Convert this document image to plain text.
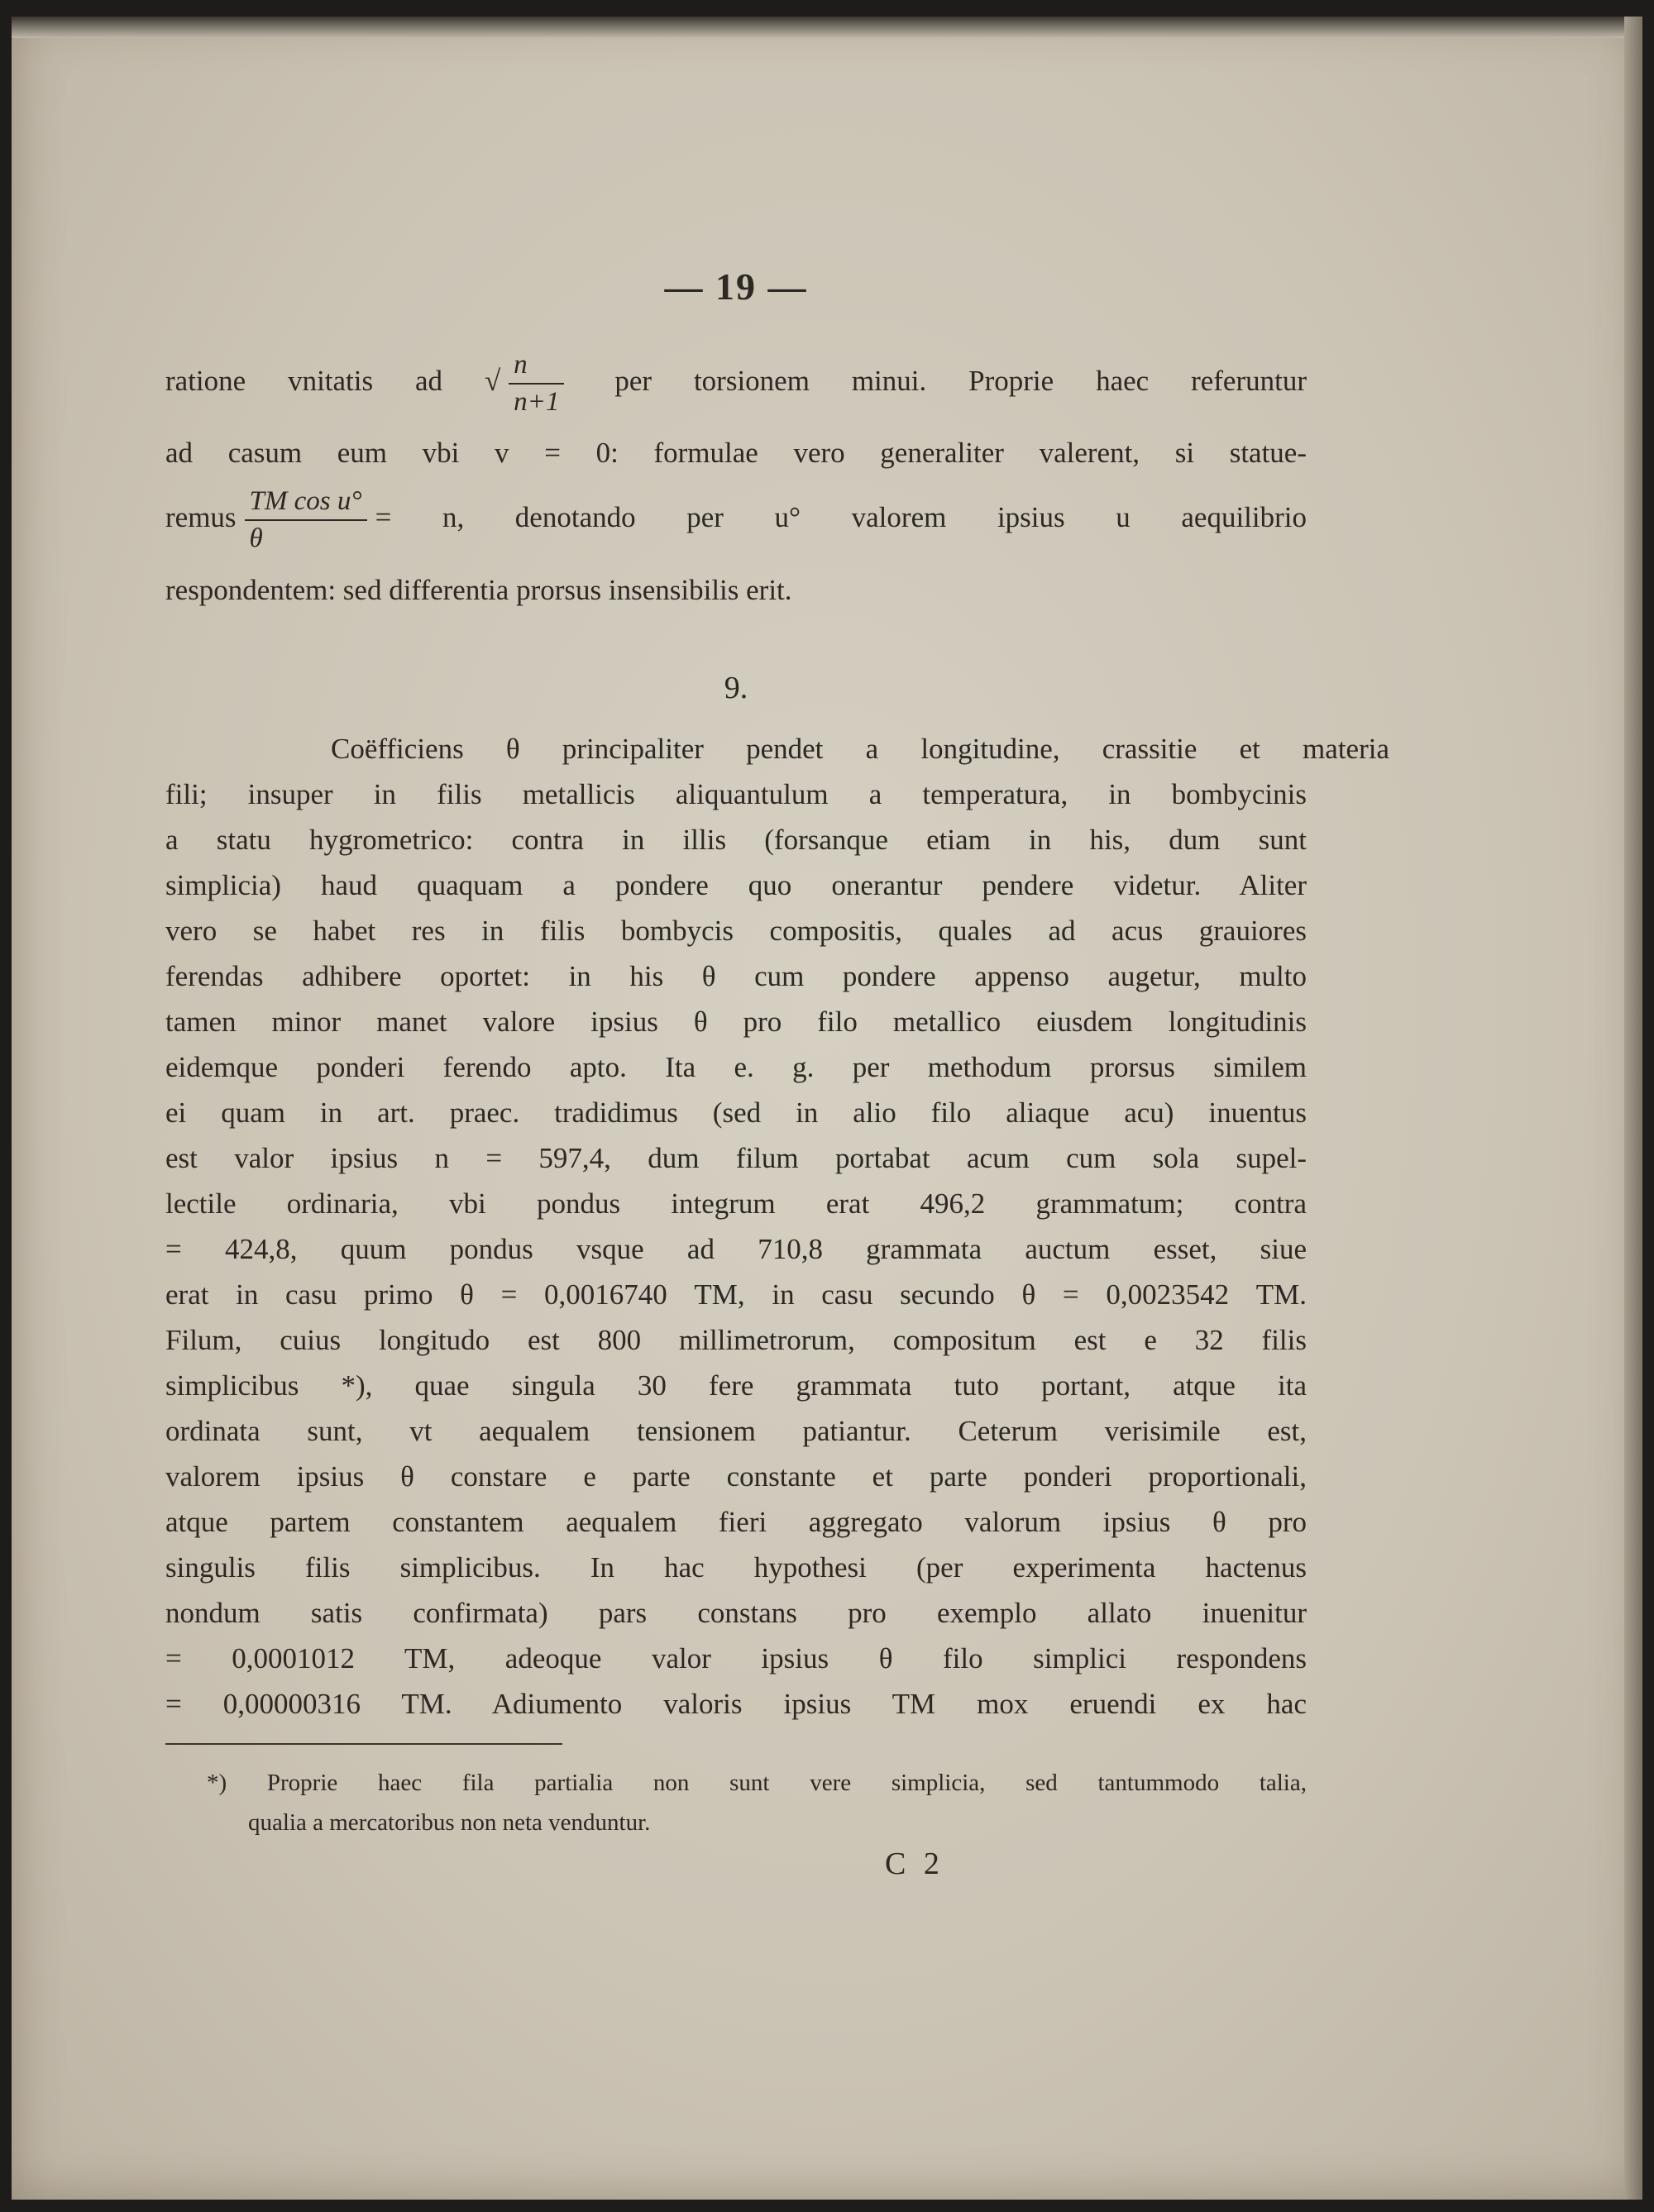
— 19 —
ratione vnitatis ad √ $\frac{n}{n+1}$ per torsionem minui. Proprie haec referuntur
ad casum eum vbi v = 0: formulae vero generaliter valerent, si statue-
remus $\frac{\text{TM cos u°}}{\theta} = n$, denotando per u° valorem ipsius u aequilibrio
respondentem: sed differentia prorsus insensibilis erit.
9.
Coëfficiens θ principaliter pendet a longitudine, crassitie et materia
fili; insuper in filis metallicis aliquantulum a temperatura, in bombycinis
a statu hygrometrico: contra in illis (forsanque etiam in his, dum sunt
simplicia) haud quaquam a pondere quo onerantur pendere videtur. Aliter
vero se habet res in filis bombycis compositis, quales ad acus grauiores
ferendas adhibere oportet: in his θ cum pondere appenso augetur, multo
tamen minor manet valore ipsius θ pro filo metallico eiusdem longitudinis
eidemque ponderi ferendo apto. Ita e. g. per methodum prorsus similem
ei quam in art. praec. tradidimus (sed in alio filo aliaque acu) inuentus
est valor ipsius n = 597,4, dum filum portabat acum cum sola supel-
lectile ordinaria, vbi pondus integrum erat 496,2 grammatum; contra
= 424,8, quum pondus vsque ad 710,8 grammata auctum esset, siue
erat in casu primo θ = 0,0016740 TM, in casu secundo θ = 0,0023542 TM.
Filum, cuius longitudo est 800 millimetrorum, compositum est e 32 filis
simplicibus *), quae singula 30 fere grammata tuto portant, atque ita
ordinata sunt, vt aequalem tensionem patiantur. Ceterum verisimile est,
valorem ipsius θ constare e parte constante et parte ponderi proportionali,
atque partem constantem aequalem fieri aggregato valorum ipsius θ pro
singulis filis simplicibus. In hac hypothesi (per experimenta hactenus
nondum satis confirmata) pars constans pro exemplo allato inuenitur
= 0,0001012 TM, adeoque valor ipsius θ filo simplici respondens
= 0,00000316 TM. Adiumento valoris ipsius TM mox eruendi ex hac
*) Proprie haec fila partialia non sunt vere simplicia, sed tantummodo talia,
qualia a mercatoribus non neta venduntur.
C 2
